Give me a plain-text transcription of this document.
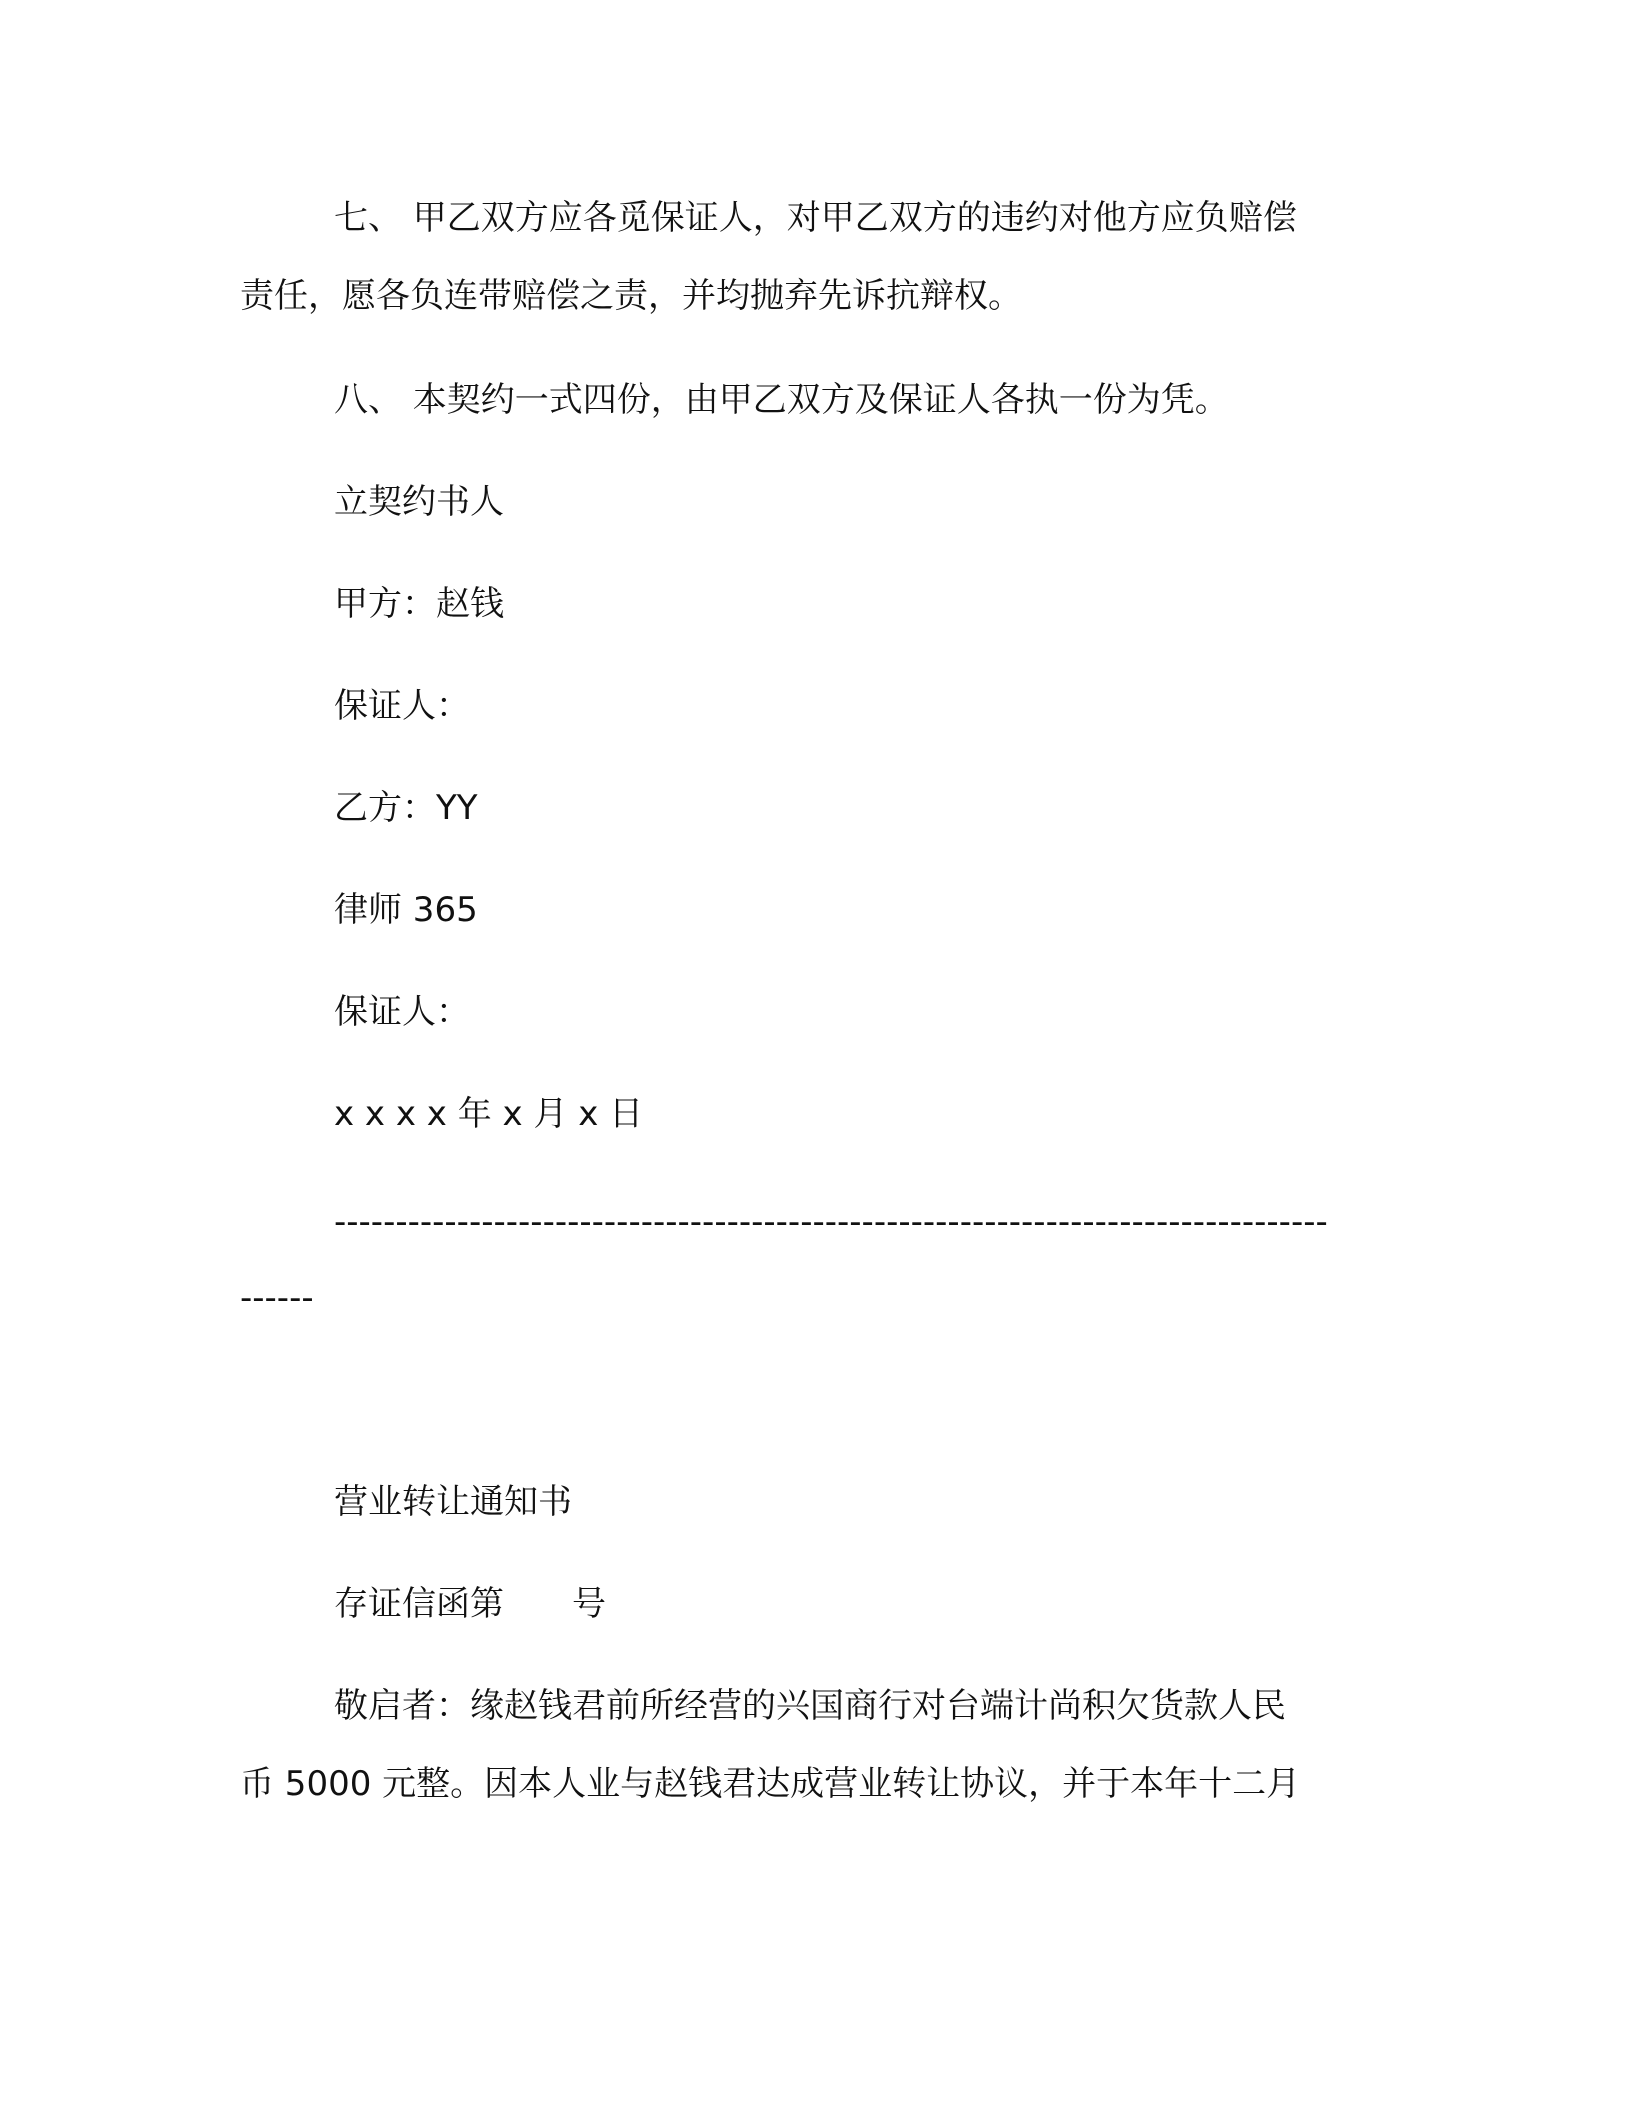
七、 甲乙双方应各觅保证人，对甲乙双方的违约对他方应负赔偿
责任，愿各负连带赔偿之责，并均抛弃先诉抗辩权。
八、 本契约一式四份，由甲乙双方及保证人各执一份为凭。
立契约书人
甲方：赵钱
保证人：
乙方：YY
律师 365
保证人：
x x x x 年 x 月 x 日
---------------------------------------------------------------------------------
------
营业转让通知书
存证信函第　　号
敬启者：缘赵钱君前所经营的兴国商行对台端计尚积欠货款人民
币 5000 元整。因本人业与赵钱君达成营业转让协议，并于本年十二月
